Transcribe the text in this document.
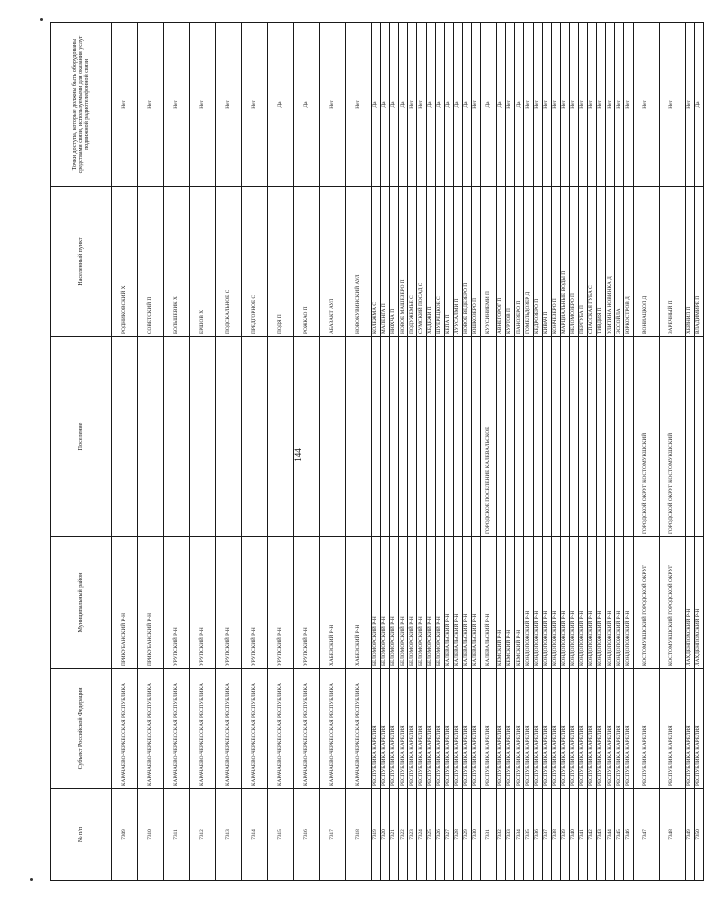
144
№ п/п	Субъект Российской Федерации	Муниципальный район	Поселение	Населенный пункт	Точки доступа, которые должны быть оборудованы средствами связи, используемыми для оказания услуг подвижной радиотелефонной связи
7309	КАРАЧАЕВО-ЧЕРКЕССКАЯ РЕСПУБЛИКА	ПРИКУБАНСКИЙ Р-Н		РОДНИКОВСКИЙ Х	Нет
7310	КАРАЧАЕВО-ЧЕРКЕССКАЯ РЕСПУБЛИКА	ПРИКУБАНСКИЙ Р-Н		СОВЕТСКИЙ П	Нет
7311	КАРАЧАЕВО-ЧЕРКЕССКАЯ РЕСПУБЛИКА	УРУПСКИЙ Р-Н		БОЛЬШЕВИК Х	Нет
7312	КАРАЧАЕВО-ЧЕРКЕССКАЯ РЕСПУБЛИКА	УРУПСКИЙ Р-Н		ЕРШОВ Х	Нет
7313	КАРАЧАЕВО-ЧЕРКЕССКАЯ РЕСПУБЛИКА	УРУПСКИЙ Р-Н		ПОДСКАЛЬНОЕ С	Нет
7314	КАРАЧАЕВО-ЧЕРКЕССКАЯ РЕСПУБЛИКА	УРУПСКИЙ Р-Н		ПРЕДГОРНОЕ С	Нет
7315	КАРАЧАЕВО-ЧЕРКЕССКАЯ РЕСПУБЛИКА	УРУПСКИЙ Р-Н		ПОДЯ П	Да
7316	КАРАЧАЕВО-ЧЕРКЕССКАЯ РЕСПУБЛИКА	УРУПСКИЙ Р-Н		РОЖКАО П	Да
7317	КАРАЧАЕВО-ЧЕРКЕССКАЯ РЕСПУБЛИКА	ХАБЕЗСКИЙ Р-Н		АБАЗАКТ АУЛ	Нет
7318	КАРАЧАЕВО-ЧЕРКЕССКАЯ РЕСПУБЛИКА	ХАБЕЗСКИЙ Р-Н		НОВОКУВИНСКИЙ АУЛ	Нет
7319	РЕСПУБЛИКА КАРЕЛИЯ	БЕЛОМОРСКИЙ Р-Н		КОЛЕЖМА С	Да
7320	РЕСПУБЛИКА КАРЕЛИЯ	БЕЛОМОРСКИЙ Р-Н		МАЛЕНГА П	Да
7321	РЕСПУБЛИКА КАРЕЛИЯ	БЕЛОМОРСКИЙ Р-Н		НЮХЧА П	Да
7322	РЕСПУБЛИКА КАРЕЛИЯ	БЕЛОМОРСКИЙ Р-Н		НОВОЕ МАШЕЗЕРО П	Да
7323	РЕСПУБЛИКА КАРЕЛИЯ	БЕЛОМОРСКИЙ Р-Н		ПОДУЖЕМЬЕ С	Нет
7324	РЕСПУБЛИКА КАРЕЛИЯ	БЕЛОМОРСКИЙ Р-Н		СУМСКИЙ ПОСАД С	Нет
7325	РЕСПУБЛИКА КАРЕЛИЯ	БЕЛОМОРСКИЙ Р-Н		ХЕДЕЖИ П	Да
7326	РЕСПУБЛИКА КАРЕЛИЯ	БЕЛОМОРСКИЙ Р-Н		ШУЕРЕЦКОЕ С	Да
7327	РЕСПУБЛИКА КАРЕЛИЯ	КАЛЕВАЛЬСКИЙ Р-Н		КЕПА П	Да
7328	РЕСПУБЛИКА КАРЕЛИЯ	КАЛЕВАЛЬСКИЙ Р-Н		ЛУУСАЛМИ П	Да
7329	РЕСПУБЛИКА КАРЕЛИЯ	КАЛЕВАЛЬСКИЙ Р-Н		НОВОЕ ВЕДЕЗЕРО П	Да
7330	РЕСПУБЛИКА КАРЕЛИЯ	КАЛЕВАЛЬСКИЙ Р-Н		ЮШКОЗЕРО П	Нет
7331	РЕСПУБЛИКА КАРЕЛИЯ	КАЛЕВАЛЬСКИЙ Р-Н	ГОРОДСКОЕ ПОСЕЛЕНИЕ КАЛЕВАЛЬСКОЕ	КУУСИНИЕМИ П	Да
7332	РЕСПУБЛИКА КАРЕЛИЯ	КЕМСКИЙ Р-Н		АВНЕГОРОГ П	Да
7333	РЕСПУБЛИКА КАРЕЛИЯ	КЕМСКИЙ Р-Н		КУРТОВ П	Нет
7334	РЕСПУБЛИКА КАРЕЛИЯ	КЕМСКИЙ Р-Н		ПАНОЗЕРО П	Да
7335	РЕСПУБЛИКА КАРЕЛИЯ	КОНДОПОЖСКИЙ Р-Н		ГОМЕЛЬДОЗЕР Д	Нет
7336	РЕСПУБЛИКА КАРЕЛИЯ	КОНДОПОЖСКИЙ Р-Н		КЕДРОЗЕРО П	Нет
7337	РЕСПУБЛИКА КАРЕЛИЯ	КОНДОПОЖСКИЙ Р-Н		КИВАЧ П	Нет
7338	РЕСПУБЛИКА КАРЕЛИЯ	КОНДОПОЖСКИЙ Р-Н		КОНЧЕЗЕРО П	Нет
7339	РЕСПУБЛИКА КАРЕЛИЯ	КОНДОПОЖСКИЙ Р-Н		МАРЦИАЛЬНЫЕ ВОДЫ П	Нет
7340	РЕСПУБЛИКА КАРЕЛИЯ	КОНДОПОЖСКИЙ Р-Н		НЕЛОМОЗЕРО П	Нет
7341	РЕСПУБЛИКА КАРЕЛИЯ	КОНДОПОЖСКИЙ Р-Н		ПЕРГУБА П	Нет
7342	РЕСПУБЛИКА КАРЕЛИЯ	КОНДОПОЖСКИЙ Р-Н		СПАССКАЯ ГУБА С	Нет
7343	РЕСПУБЛИКА КАРЕЛИЯ	КОНДОПОЖСКИЙ Р-Н		ТИВДИЯ П	Нет
7344	РЕСПУБЛИКА КАРЕЛИЯ	КОНДОПОЖСКИЙ Р-Н		УЛИТИНА НОВИНКА Д	Нет
7345	РЕСПУБЛИКА КАРЕЛИЯ	КОНДОПОЖСКИЙ Р-Н		ЭССОЙЛА	Нет
7346	РЕСПУБЛИКА КАРЕЛИЯ	КОНДОПОЖСКИЙ Р-Н		ЮРКОСТРОВ Д	Нет
7347	РЕСПУБЛИКА КАРЕЛИЯ	КОСТОМУКШСКИЙ ГОРОДСКОЙ ОКРУГ	ГОРОДСКОЙ ОКРУГ КОСТОМУКШСКИЙ	ВОНИАЦКОЛ Д	Нет
7348	РЕСПУБЛИКА КАРЕЛИЯ	КОСТОМУКШСКИЙ ГОРОДСКОЙ ОКРУГ	ГОРОДСКОЙ ОКРУГ КОСТОМУКШСКИЙ	ЗАРЕЧНЫЙ П	Нет
7349	РЕСПУБЛИКА КАРЕЛИЯ	ЛАХДЕНПОХСКИЙ Р-Н		ХЕЙНИЛ П	Нет
7350	РЕСПУБЛИКА КАРЕЛИЯ	ЛАХДЕНПОХСКИЙ Р-Н		ВЛАДИМИРЕ П	Да
